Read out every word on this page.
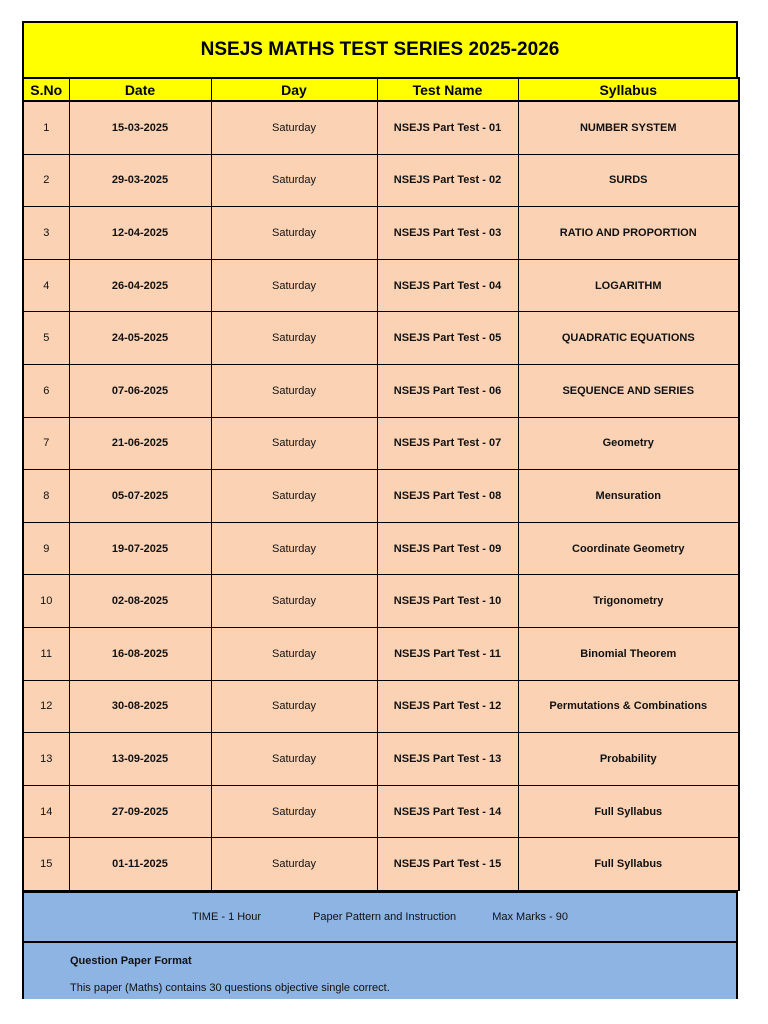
NSEJS MATHS TEST SERIES 2025-2026
S.No	Date	Day	Test Name	Syllabus
1	15-03-2025	Saturday	NSEJS Part Test - 01	NUMBER SYSTEM
2	29-03-2025	Saturday	NSEJS Part Test - 02	SURDS
3	12-04-2025	Saturday	NSEJS Part Test - 03	RATIO AND PROPORTION
4	26-04-2025	Saturday	NSEJS Part Test - 04	LOGARITHM
5	24-05-2025	Saturday	NSEJS Part Test - 05	QUADRATIC EQUATIONS
6	07-06-2025	Saturday	NSEJS Part Test - 06	SEQUENCE AND SERIES
7	21-06-2025	Saturday	NSEJS Part Test - 07	Geometry
8	05-07-2025	Saturday	NSEJS Part Test - 08	Mensuration
9	19-07-2025	Saturday	NSEJS Part Test - 09	Coordinate Geometry
10	02-08-2025	Saturday	NSEJS Part Test - 10	Trigonometry
11	16-08-2025	Saturday	NSEJS Part Test - 11	Binomial Theorem
12	30-08-2025	Saturday	NSEJS Part Test - 12	Permutations & Combinations
13	13-09-2025	Saturday	NSEJS Part Test - 13	Probability
14	27-09-2025	Saturday	NSEJS Part Test - 14	Full Syllabus
15	01-11-2025	Saturday	NSEJS Part Test - 15	Full Syllabus
TIME - 1 Hour	Paper Pattern and Instruction	Max Marks - 90
Question Paper Format
This paper (Maths) contains 30 questions objective single correct.
